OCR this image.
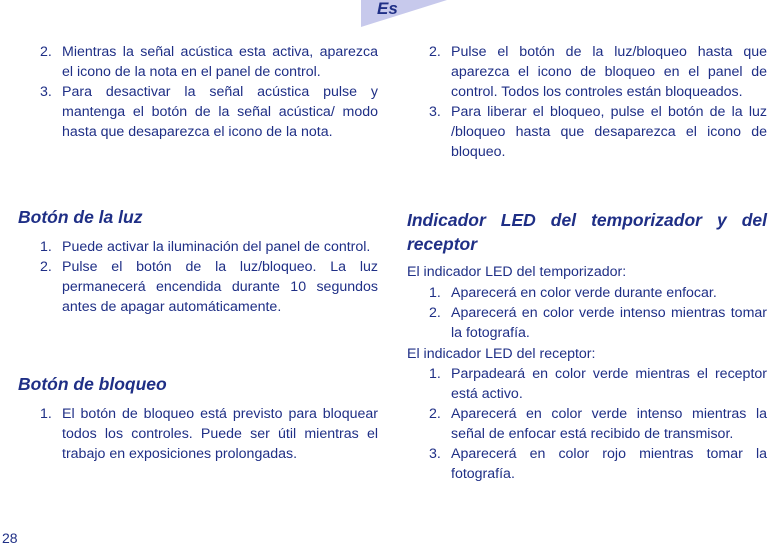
Es
2. Mientras la señal acústica esta activa, aparezca el icono de la nota en el panel de control.
3. Para desactivar la señal acústica pulse y mantenga el botón de la señal acústica/ modo hasta que desaparezca el icono de la nota.
Botón de la luz
1. Puede activar la iluminación del panel de control.
2. Pulse el botón de la luz/bloqueo. La luz permanecerá encendida durante 10 segundos antes de apagar automáticamente.
Botón de bloqueo
1. El botón de bloqueo está previsto para bloquear todos los controles. Puede ser útil mientras el trabajo en exposiciones prolongadas.
2. Pulse el botón de la luz/bloqueo hasta que aparezca el icono de bloqueo en el panel de control. Todos los controles están bloqueados.
3. Para liberar el bloqueo, pulse el botón de la luz /bloqueo hasta que desaparezca el icono de bloqueo.
Indicador LED del temporizador y del receptor

El indicador LED del temporizador:

1. Aparecerá en color verde durante enfocar.
2. Aparecerá en color verde intenso mientras tomar la fotografía.

El indicador LED del receptor:

1. Parpadeará en color verde mientras el receptor está activo.
2. Aparecerá en color verde intenso mientras la señal de enfocar está recibido de transmisor.
3. Aparecerá en color rojo mientras tomar la fotografía.
28
